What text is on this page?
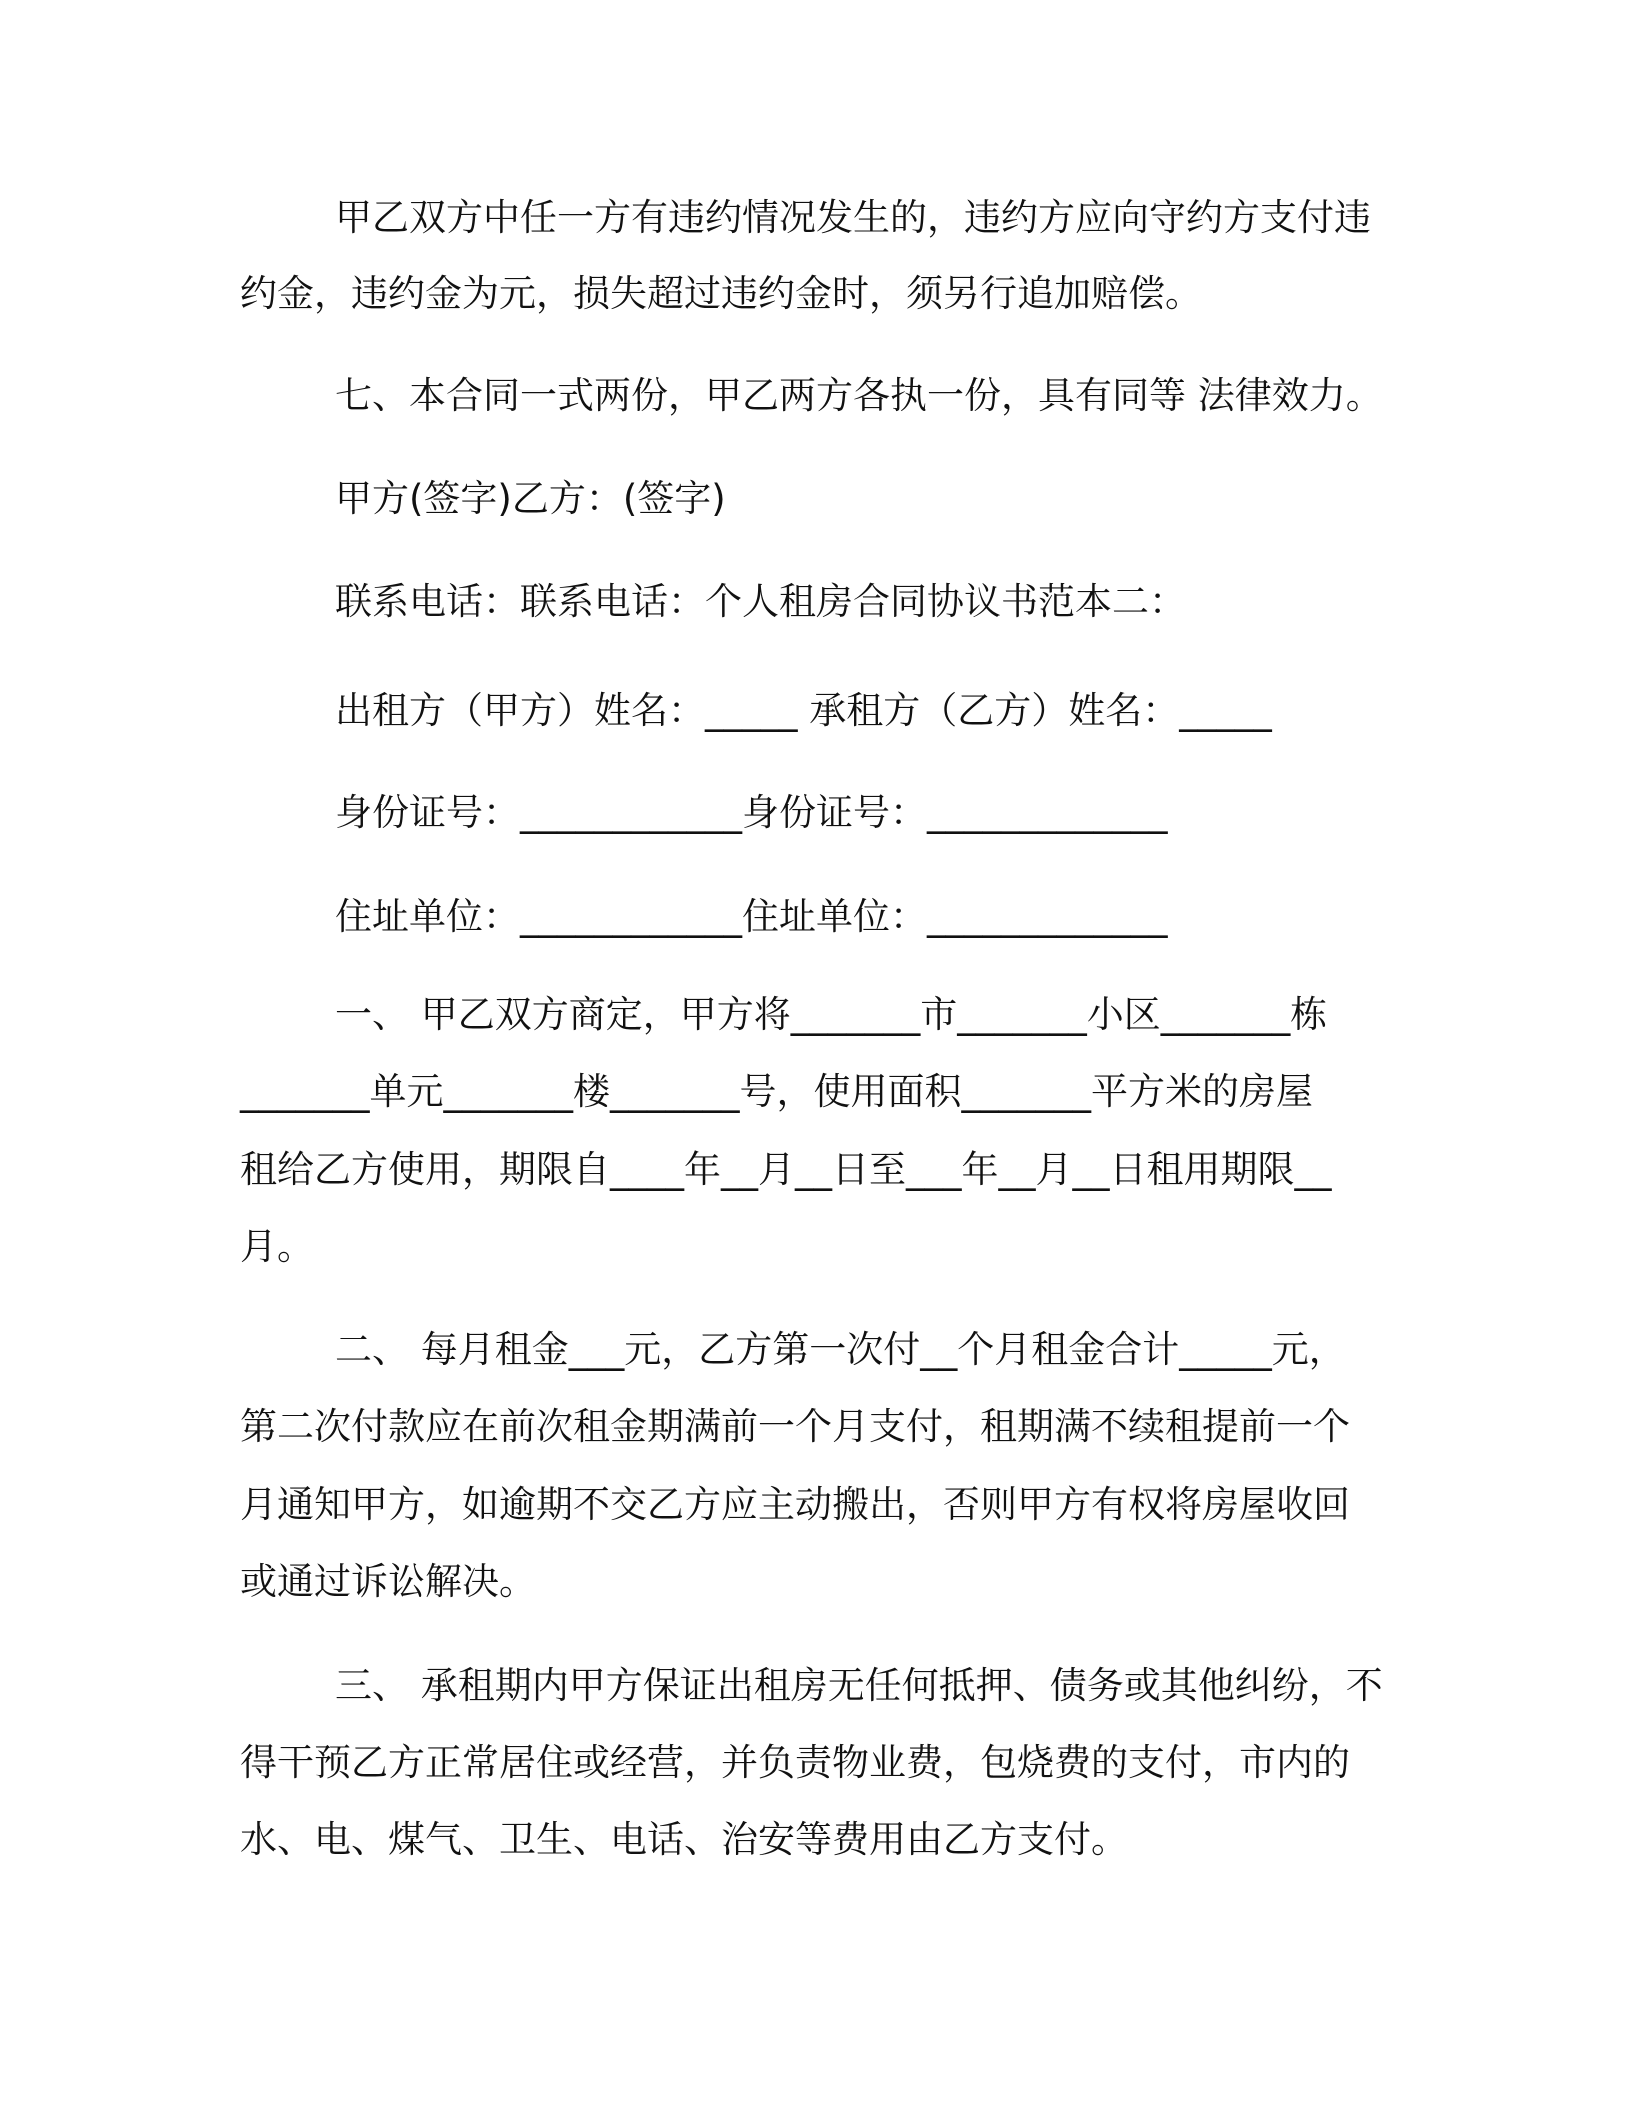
甲乙双方中任一方有违约情况发生的，违约方应向守约方支付违

约金，违约金为元，损失超过违约金时，须另行追加赔偿。

七、本合同一式两份，甲乙两方各执一份，具有同等 法律效力。

甲方(签字)乙方：(签字)

联系电话：联系电话：个人租房合同协议书范本二：

出租方（甲方）姓名：_____ 承租方（乙方）姓名：_____

身份证号：____________身份证号：_____________

住址单位：____________住址单位：_____________

一、 甲乙双方商定，甲方将_______市_______小区_______栋

_______单元_______楼_______号，使用面积_______平方米的房屋

租给乙方使用，期限自____年__月__日至___年__月__日租用期限__

月。

二、 每月租金___元，乙方第一次付__个月租金合计_____元，

第二次付款应在前次租金期满前一个月支付，租期满不续租提前一个

月通知甲方，如逾期不交乙方应主动搬出，否则甲方有权将房屋收回

或通过诉讼解决。

三、 承租期内甲方保证出租房无任何抵押、债务或其他纠纷，不

得干预乙方正常居住或经营，并负责物业费，包烧费的支付，市内的

水、电、煤气、卫生、电话、治安等费用由乙方支付。
